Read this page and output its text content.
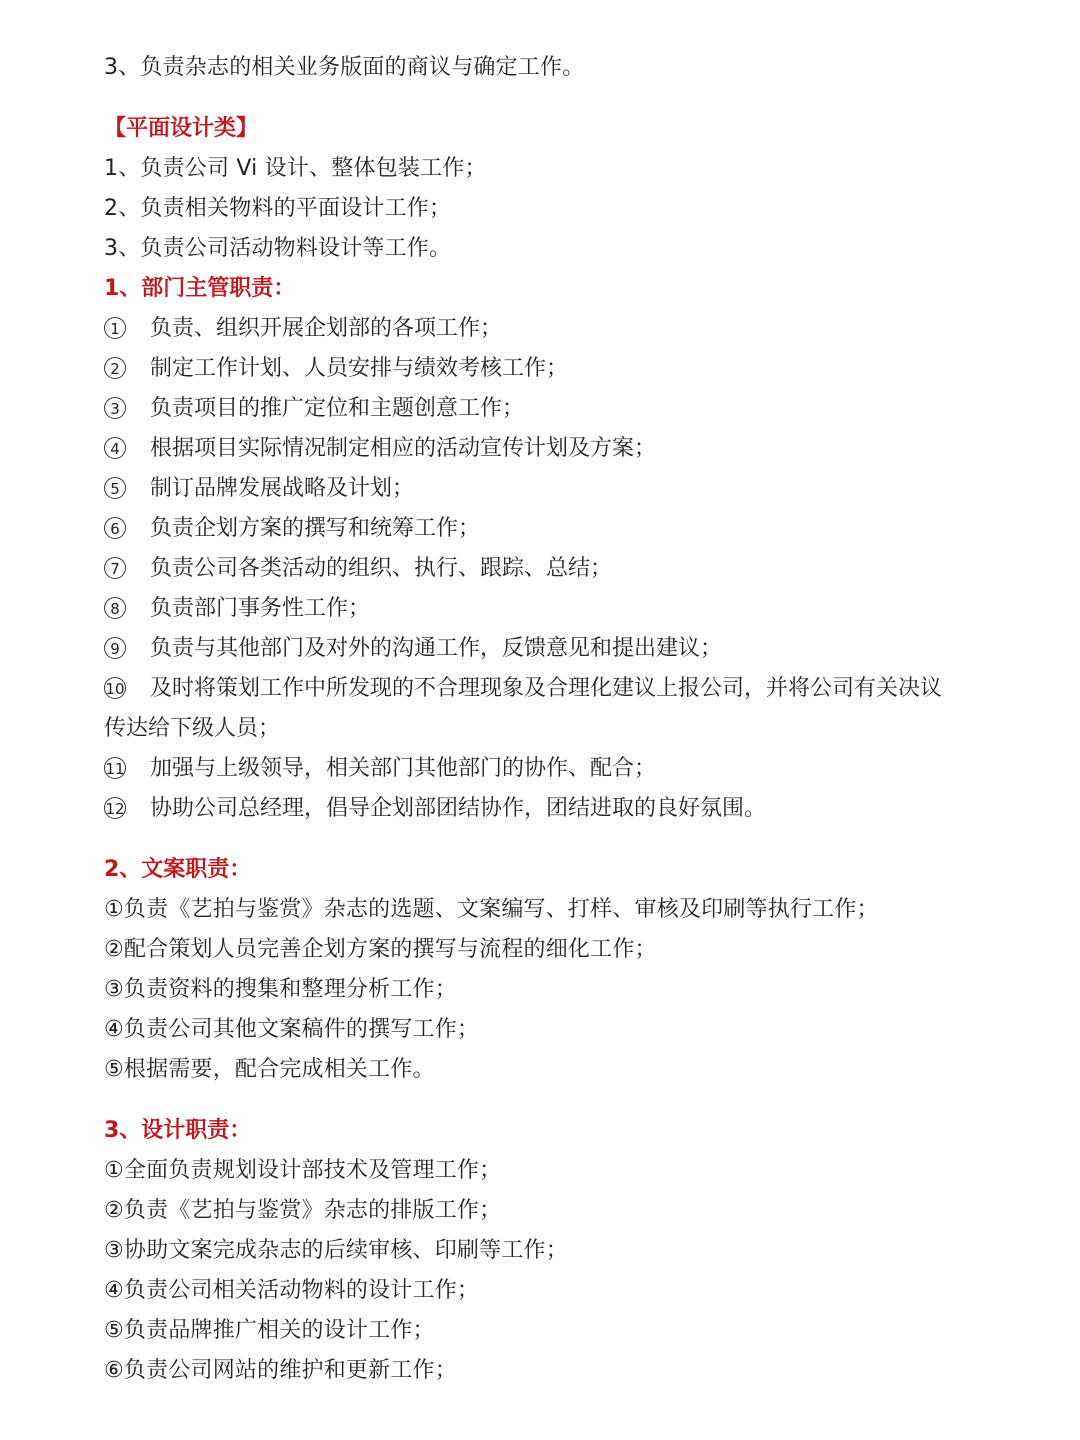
3、负责杂志的相关业务版面的商议与确定工作。
【平面设计类】
1、负责公司 Vi 设计、整体包装工作；
2、负责相关物料的平面设计工作；
3、负责公司活动物料设计等工作。
1、部门主管职责：
1 负责、组织开展企划部的各项工作；
2 制定工作计划、人员安排与绩效考核工作；
3 负责项目的推广定位和主题创意工作；
4 根据项目实际情况制定相应的活动宣传计划及方案；
5 制订品牌发展战略及计划；
6 负责企划方案的撰写和统筹工作；
7 负责公司各类活动的组织、执行、跟踪、总结；
8 负责部门事务性工作；
9 负责与其他部门及对外的沟通工作，反馈意见和提出建议；
10 及时将策划工作中所发现的不合理现象及合理化建议上报公司，并将公司有关决议
传达给下级人员；
11 加强与上级领导，相关部门其他部门的协作、配合；
12 协助公司总经理，倡导企划部团结协作，团结进取的良好氛围。
2、文案职责：
①负责《艺拍与鉴赏》杂志的选题、文案编写、打样、审核及印刷等执行工作；
②配合策划人员完善企划方案的撰写与流程的细化工作；
③负责资料的搜集和整理分析工作；
④负责公司其他文案稿件的撰写工作；
⑤根据需要，配合完成相关工作。
3、设计职责：
①全面负责规划设计部技术及管理工作；
②负责《艺拍与鉴赏》杂志的排版工作；
③协助文案完成杂志的后续审核、印刷等工作；
④负责公司相关活动物料的设计工作；
⑤负责品牌推广相关的设计工作；
⑥负责公司网站的维护和更新工作；
